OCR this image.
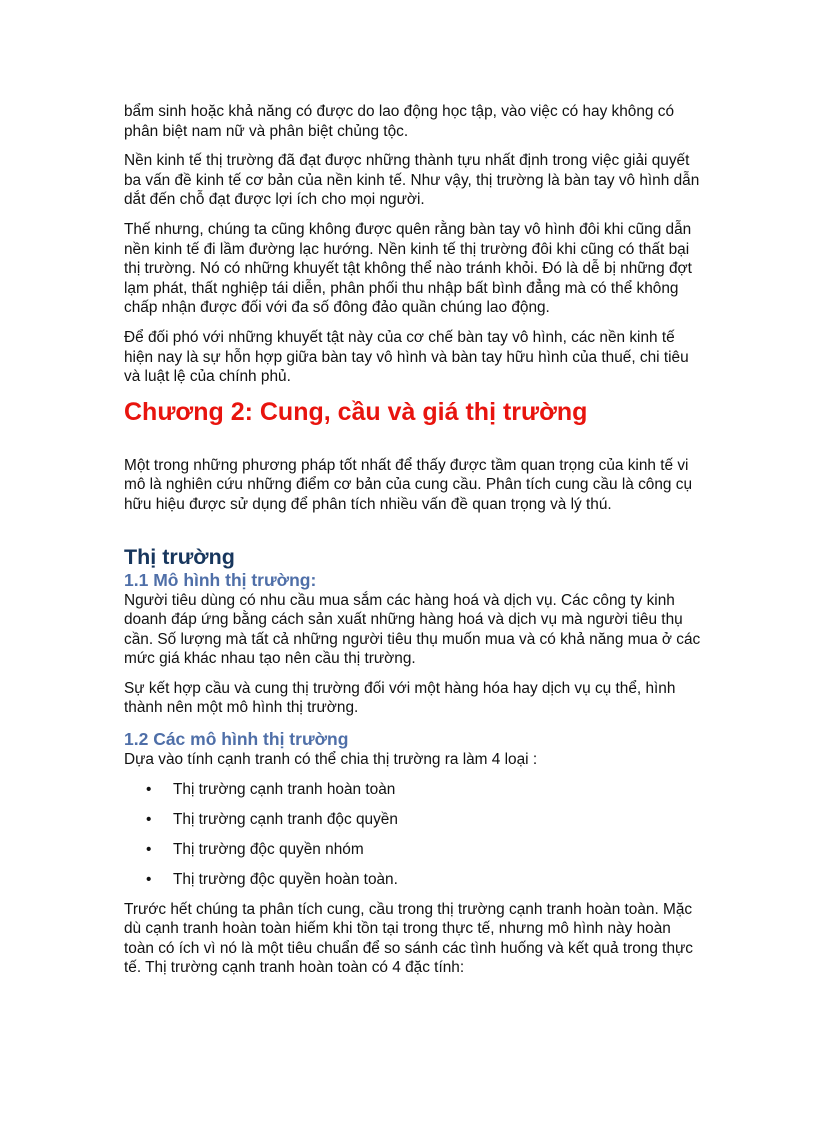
bẩm sinh hoặc khả năng có được do lao động học tập, vào việc có hay không có phân biệt nam nữ và phân biệt chủng tộc.

Nền kinh tế thị trường đã đạt được những thành tựu nhất định trong việc giải quyết ba vấn đề kinh tế cơ bản của nền kinh tế. Như vậy, thị trường là bàn tay vô hình dẫn dắt đến chỗ đạt được lợi ích cho mọi người.

Thế nhưng, chúng ta cũng không được quên rằng bàn tay vô hình đôi khi cũng dẫn nền kinh tế đi lầm đường lạc hướng. Nền kinh tế thị trường đôi khi cũng có thất bại thị trường. Nó có những khuyết tật không thể nào tránh khỏi. Đó là dễ bị những đợt lạm phát, thất nghiệp tái diễn, phân phối thu nhập bất bình đẳng mà có thể không chấp nhận được đối với đa số đông đảo quần chúng lao động.

Để đối phó với những khuyết tật này của cơ chế bàn tay vô hình, các nền kinh tế hiện nay là sự hỗn hợp giữa bàn tay vô hình và bàn tay hữu hình của thuế, chi tiêu và luật lệ của chính phủ.

Chương 2: Cung, cầu và giá thị trường

Một trong những phương pháp tốt nhất để thấy được tầm quan trọng của kinh tế vi mô là nghiên cứu những điểm cơ bản của cung cầu. Phân tích cung cầu là công cụ hữu hiệu được sử dụng để phân tích nhiều vấn đề quan trọng và lý thú.

Thị trường
1.1 Mô hình thị trường:

Người tiêu dùng có nhu cầu mua sắm các hàng hoá và dịch vụ. Các công ty kinh doanh đáp ứng bằng cách sản xuất những hàng hoá và dịch vụ mà người tiêu thụ cần. Số lượng mà tất cả những người tiêu thụ muốn mua và có khả năng mua ở các mức giá khác nhau tạo nên cầu thị trường.

Sự kết hợp cầu và cung thị trường đối với một hàng hóa hay dịch vụ cụ thể, hình thành nên một mô hình thị trường.

1.2 Các mô hình thị trường

Dựa vào tính cạnh tranh có thể chia thị trường ra làm 4 loại :

• Thị trường cạnh tranh hoàn toàn
• Thị trường cạnh tranh độc quyền
• Thị trường độc quyền nhóm
• Thị trường độc quyền hoàn toàn.

Trước hết chúng ta phân tích cung, cầu trong thị trường cạnh tranh hoàn toàn. Mặc dù cạnh tranh hoàn toàn hiếm khi tồn tại trong thực tế, nhưng mô hình này hoàn toàn có ích vì nó là một tiêu chuẩn để so sánh các tình huống và kết quả trong thực tế. Thị trường cạnh tranh hoàn toàn có 4 đặc tính:
